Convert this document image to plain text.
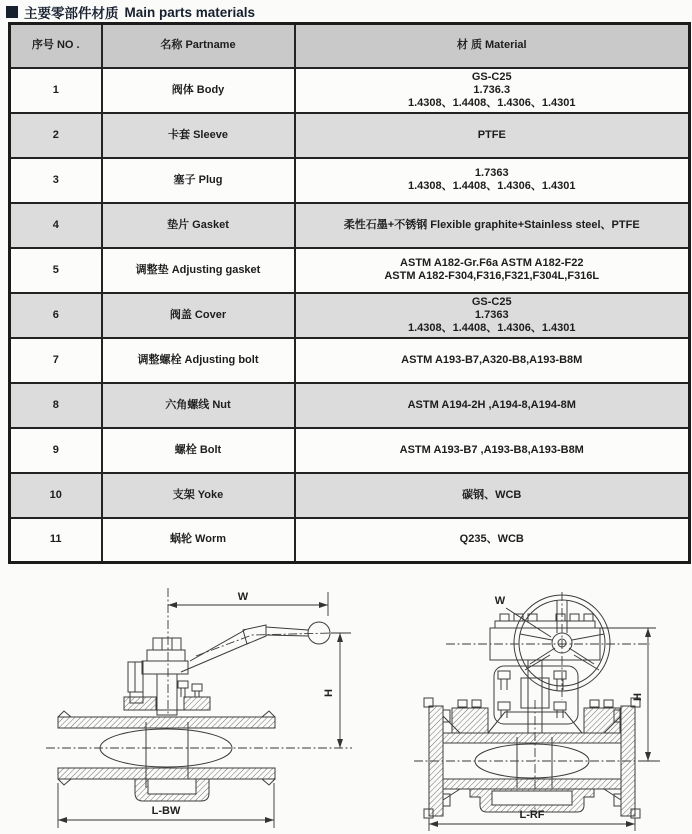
主要零部件材质 Main parts materials
序号 NO .	名称 Partname	材 质 Material
1	阀体 Body	GS-C25
1.736.3
1.4308、1.4408、1.4306、1.4301

2	卡套 Sleeve	PTFE

3	塞子 Plug	1.7363
1.4308、1.4408、1.4306、1.4301

4	垫片 Gasket	柔性石墨+不锈钢 Flexible graphite+Stainless steel、PTFE

5	调整垫 Adjusting gasket	ASTM A182-Gr.F6a ASTM A182-F22
ASTM A182-F304,F316,F321,F304L,F316L

6	阀盖 Cover	GS-C25
1.7363
1.4308、1.4408、1.4306、1.4301

7	调整螺栓 Adjusting bolt	ASTM A193-B7,A320-B8,A193-B8M

8	六角螺线 Nut	ASTM A194-2H ,A194-8,A194-8M

9	螺栓 Bolt	ASTM A193-B7 ,A193-B8,A193-B8M

10	支架 Yoke	碳钢、WCB

11	蜗轮 Worm	Q235、WCB
W
H
L-BW
W
H
L-RF
